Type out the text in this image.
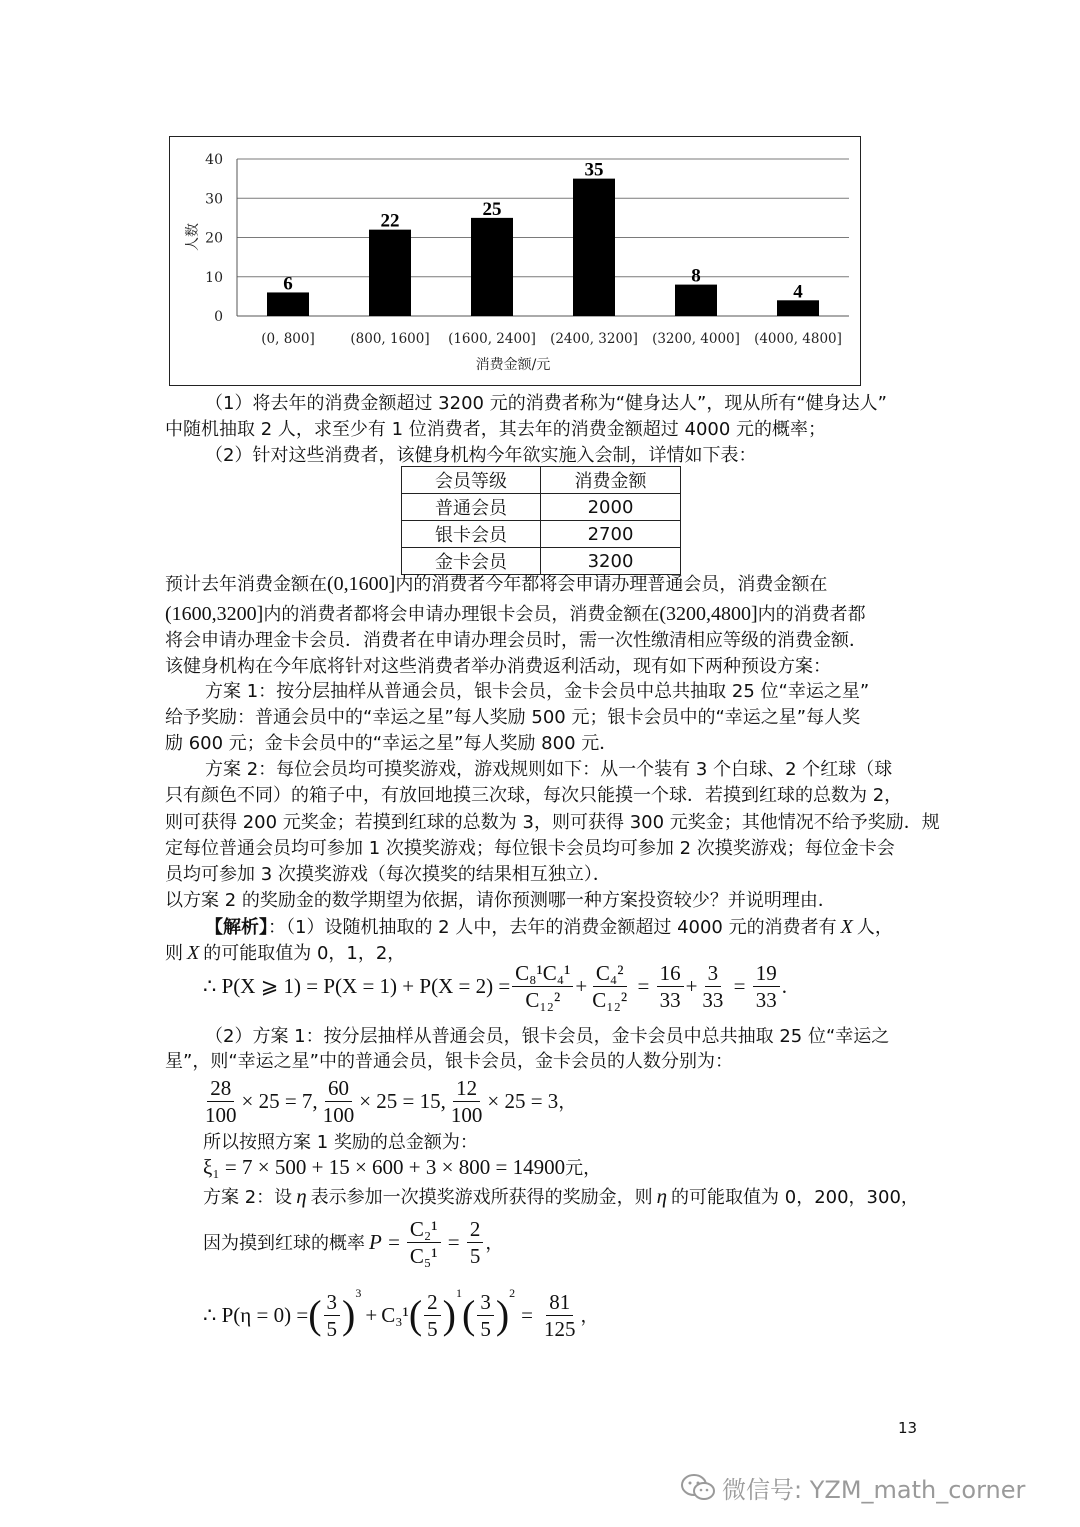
0
10
20
30
40
6
(0, 800]
22
(800, 1600]
25
(1600, 2400]
35
(2400, 3200]
8
(3200, 4000]
4
(4000, 4800]
消费金额/元
人数
（1）将去年的消费金额超过 3200 元的消费者称为“健身达人”，现从所有“健身达人”
中随机抽取 2 人，求至少有 1 位消费者，其去年的消费金额超过 4000 元的概率；
（2）针对这些消费者，该健身机构今年欲实施入会制，详情如下表：
会员等级	消费金额
普通会员	2000
银卡会员	2700
金卡会员	3200
预计去年消费金额在(0,1600]内的消费者今年都将会申请办理普通会员，消费金额在
(1600,3200]内的消费者都将会申请办理银卡会员，消费金额在(3200,4800]内的消费者都
将会申请办理金卡会员．消费者在申请办理会员时，需一次性缴清相应等级的消费金额．
该健身机构在今年底将针对这些消费者举办消费返利活动，现有如下两种预设方案：
方案 1：按分层抽样从普通会员，银卡会员，金卡会员中总共抽取 25 位“幸运之星”
给予奖励：普通会员中的“幸运之星”每人奖励 500 元；银卡会员中的“幸运之星”每人奖
励 600 元；金卡会员中的“幸运之星”每人奖励 800 元．
方案 2：每位会员均可摸奖游戏，游戏规则如下：从一个装有 3 个白球、2 个红球（球
只有颜色不同）的箱子中，有放回地摸三次球，每次只能摸一个球．若摸到红球的总数为 2，
则可获得 200 元奖金；若摸到红球的总数为 3，则可获得 300 元奖金；其他情况不给予奖励．规
定每位普通会员均可参加 1 次摸奖游戏；每位银卡会员均可参加 2 次摸奖游戏；每位金卡会
员均可参加 3 次摸奖游戏（每次摸奖的结果相互独立）．
以方案 2 的奖励金的数学期望为依据，请你预测哪一种方案投资较少？并说明理由．
【解析】：（1）设随机抽取的 2 人中，去年的消费金额超过 4000 元的消费者有 X 人，
则 X 的可能取值为 0，1，2，
∴ P(X ⩾ $1) = P(X = 1) + P(X = 2) = \frac{\text{C₈¹C₄¹}}{\text{C₁₂²}} + \frac{\text{C₄²}}{\text{C₁₂²}} = \frac{16}{33} + \frac{3}{33} = \frac{19}{33}$ .
（2）方案 1：按分层抽样从普通会员，银卡会员，金卡会员中总共抽取 25 位“幸运之
星”，则“幸运之星”中的普通会员，银卡会员，金卡会员的人数分别为：
$\frac{28}{100} \times 25 = 7$, $\frac{60}{100} \times 25 = 15$, $\frac{12}{100} \times 25 = 3$ ，
所以按照方案 1 奖励的总金额为：
ξ₁ = 7 × 500 + 15 × 600 + 3 × 800 = 14900 元，
方案 2：设 η 表示参加一次摸奖游戏所获得的奖励金，则 η 的可能取值为 0，200，300，
因为摸到红球的概率 $P = \frac{\text{C₂¹}}{\text{C₅¹}} = \frac{2}{5}$ ，
∴ P(η = 0) = ( $\frac{3}{5} )^3$
+ C₃¹ ( $\frac{2}{5} )^1$ ( $\frac{3}{5} )^2$
= $\frac{81}{125}$ ，
13
微信号: YZM_math_corner
